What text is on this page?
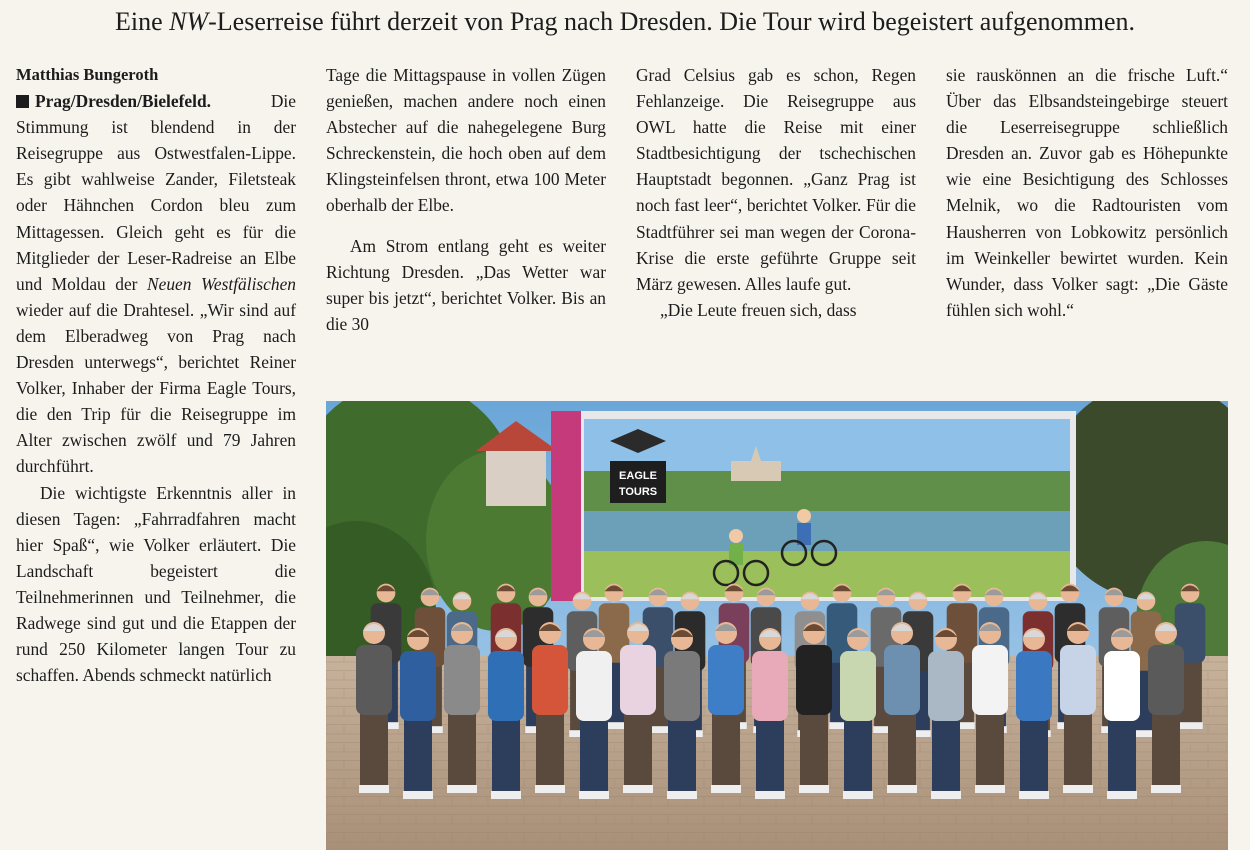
Eine NW-Leserreise führt derzeit von Prag nach Dresden. Die Tour wird begeistert aufgenommen.

Matthias Bungeroth

Prag/Dresden/Bielefeld.	Die Stimmung ist blendend in der Reisegruppe aus Ostwestfalen-Lippe. Es gibt wahlweise Zander, Filetsteak oder Hähnchen Cordon bleu zum Mittagessen. Gleich geht es für die Mitglieder der Leser-Radreise an Elbe und Moldau der Neuen Westfälischen wieder auf die Drahtesel. „Wir sind auf dem Elberadweg von Prag nach Dresden unterwegs“, berichtet Reiner Volker, Inhaber der Firma Eagle Tours, die den Trip für die Reisegruppe im Alter zwischen zwölf und 79 Jahren durchführt.

Die wichtigste Erkenntnis aller in diesen Tagen: „Fahrradfahren macht hier Spaß“, wie Volker erläutert. Die Landschaft begeistert die Teilnehmerinnen und Teilnehmer, die Radwege sind gut und die Etappen der rund 250 Kilometer langen Tour zu schaffen. Abends schmeckt natürlich

Tage die Mittagspause in vollen Zügen genießen, machen andere noch einen Abstecher auf die nahegelegene Burg Schreckenstein, die hoch oben auf dem Klingsteinfelsen thront, etwa 100 Meter oberhalb der Elbe.

Am Strom entlang geht es weiter Richtung Dresden. „Das Wetter war super bis jetzt“, berichtet Volker. Bis an die 30

Grad Celsius gab es schon, Regen Fehlanzeige. Die Reisegruppe aus OWL hatte die Reise mit einer Stadtbesichtigung der tschechischen Hauptstadt begonnen. „Ganz Prag ist noch fast leer“, berichtet Volker. Für die Stadtführer sei man wegen der Corona-Krise die erste geführte Gruppe seit März gewesen. Alles laufe gut.

„Die Leute freuen sich, dass

sie rauskönnen an die frische Luft.“ Über das Elbsandsteingebirge steuert die Leserreisegruppe schließlich Dresden an. Zuvor gab es Höhepunkte wie eine Besichtigung des Schlosses Melnik, wo die Radtouristen vom Hausherren von Lobkowitz persönlich im Weinkeller bewirtet wurden. Kein Wunder, dass Volker sagt: „Die Gäste fühlen sich wohl.“

EAGLE
TOURS
